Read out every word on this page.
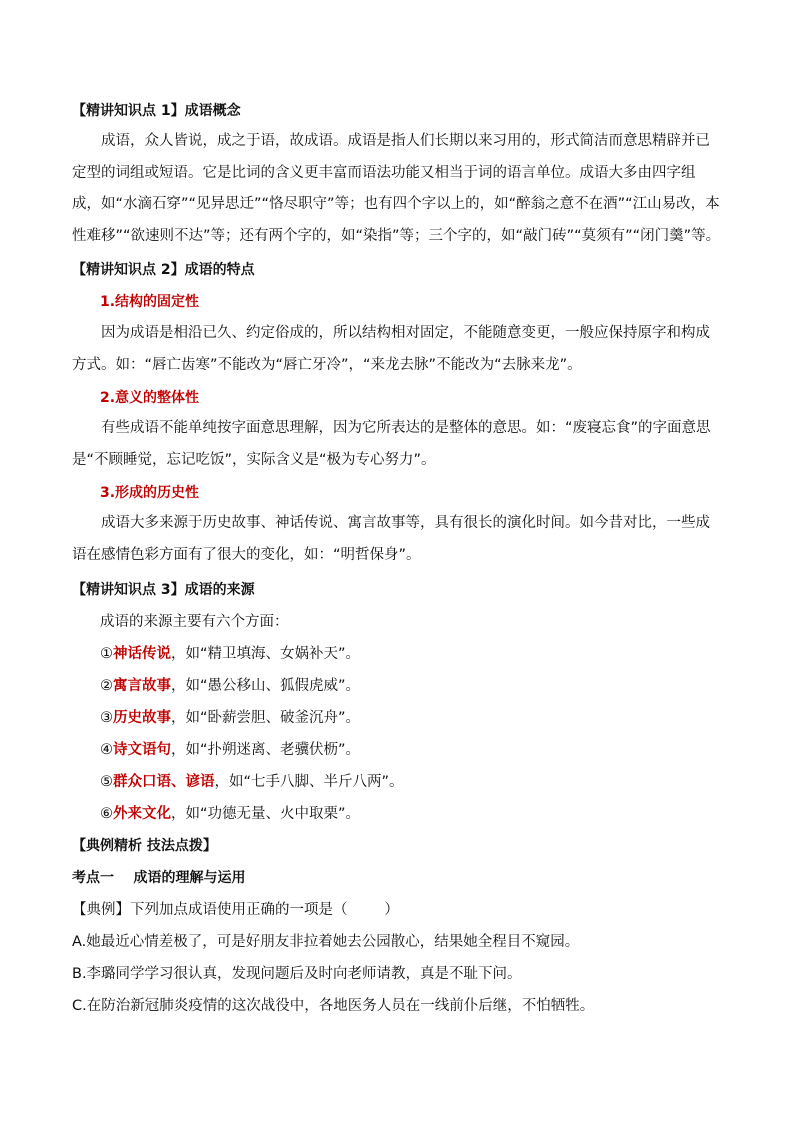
【精讲知识点 1】成语概念

成语，众人皆说，成之于语，故成语。成语是指人们长期以来习用的，形式简洁而意思精辟并已定型的词组或短语。它是比词的含义更丰富而语法功能又相当于词的语言单位。成语大多由四字组成，如“水滴石穿”“见异思迁”“恪尽职守”等；也有四个字以上的，如“醉翁之意不在酒”“江山易改，本性难移”“欲速则不达”等；还有两个字的，如“染指”等；三个字的，如“敲门砖”“莫须有”“闭门羹”等。

【精讲知识点 2】成语的特点
1.结构的固定性

因为成语是相沿已久、约定俗成的，所以结构相对固定，不能随意变更，一般应保持原字和构成方式。如：“唇亡齿寒”不能改为“唇亡牙冷”，“来龙去脉”不能改为“去脉来龙”。

2.意义的整体性

有些成语不能单纯按字面意思理解，因为它所表达的是整体的意思。如：“废寝忘食”的字面意思是“不顾睡觉，忘记吃饭”，实际含义是“极为专心努力”。

3.形成的历史性

成语大多来源于历史故事、神话传说、寓言故事等，具有很长的演化时间。如今昔对比，一些成语在感情色彩方面有了很大的变化，如：“明哲保身”。

【精讲知识点 3】成语的来源
成语的来源主要有六个方面：
①神话传说，如“精卫填海、女娲补天”。
②寓言故事，如“愚公移山、狐假虎威”。
③历史故事，如“卧薪尝胆、破釜沉舟”。
④诗文语句，如“扑朔迷离、老骥伏枥”。
⑤群众口语、谚语，如“七手八脚、半斤八两”。
⑥外来文化，如“功德无量、火中取栗”。
【典例精析 技法点拨】
考点一    成语的理解与运用
【典例】下列加点成语使用正确的一项是（        ）
A.她最近心情差极了，可是好朋友非拉着她去公园散心，结果她全程目不窥园。
B.李璐同学学习很认真，发现问题后及时向老师请教，真是不耻下问。
C.在防治新冠肺炎疫情的这次战役中，各地医务人员在一线前仆后继，不怕牺牲。
